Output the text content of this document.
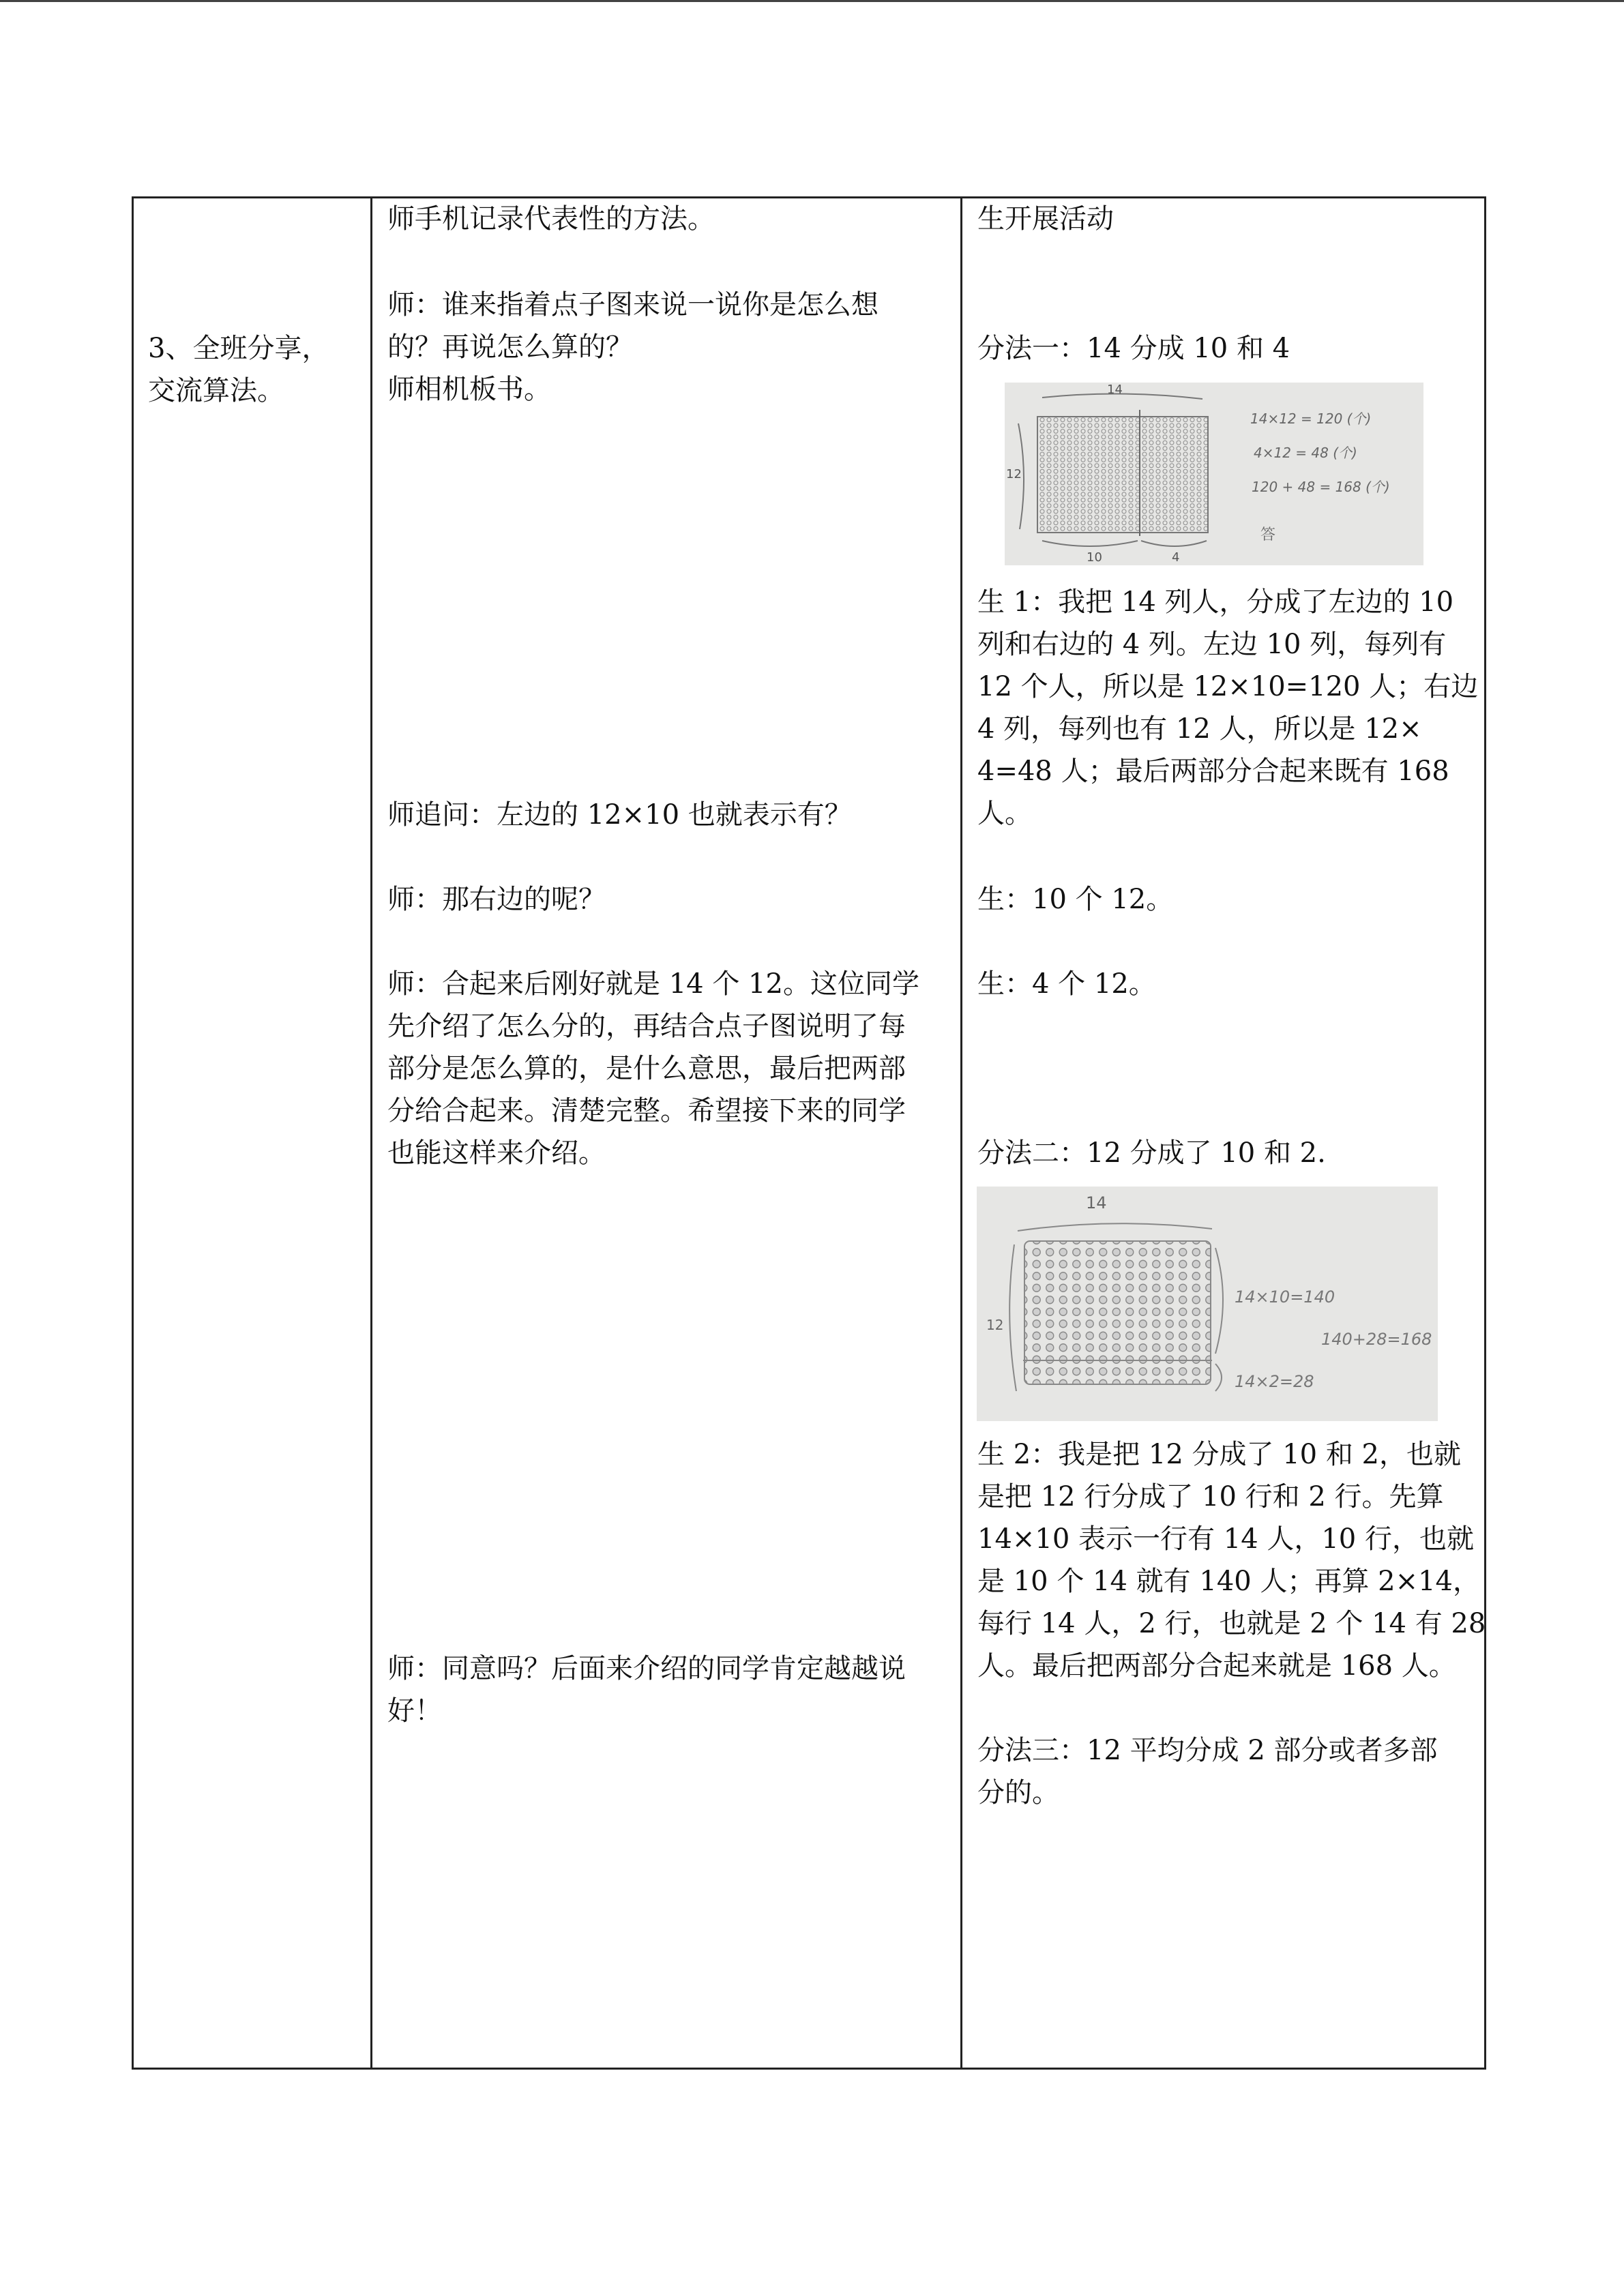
3、全班分享，
交流算法。
师手机记录代表性的方法。
师：谁来指着点子图来说一说你是怎么想
的？再说怎么算的？
师相机板书。
师追问：左边的 12×10 也就表示有？
师：那右边的呢？
师：合起来后刚好就是 14 个 12。这位同学
先介绍了怎么分的，再结合点子图说明了每
部分是怎么算的，是什么意思，最后把两部
分给合起来。清楚完整。希望接下来的同学
也能这样来介绍。
师：同意吗？后面来介绍的同学肯定越越说
好！
生开展活动
分法一：14 分成 10 和 4
14
12
10	4
14×12 = 120 (个)
4×12 = 48 (个)
120 + 48 = 168 (个)
答
生 1：我把 14 列人，分成了左边的 10
列和右边的 4 列。左边 10 列，每列有
12 个人，所以是 12×10=120 人；右边
4 列，每列也有 12 人，所以是 12×
4=48 人；最后两部分合起来既有 168
人。
生：10 个 12。
生：4 个 12。
分法二：12 分成了 10 和 2.
14
12
14×10=140
140+28=168
14×2=28
生 2：我是把 12 分成了 10 和 2，也就
是把 12 行分成了 10 行和 2 行。先算
14×10 表示一行有 14 人，10 行，也就
是 10 个 14 就有 140 人；再算 2×14，
每行 14 人，2 行，也就是 2 个 14 有 28
人。最后把两部分合起来就是 168 人。
分法三：12 平均分成 2 部分或者多部
分的。
